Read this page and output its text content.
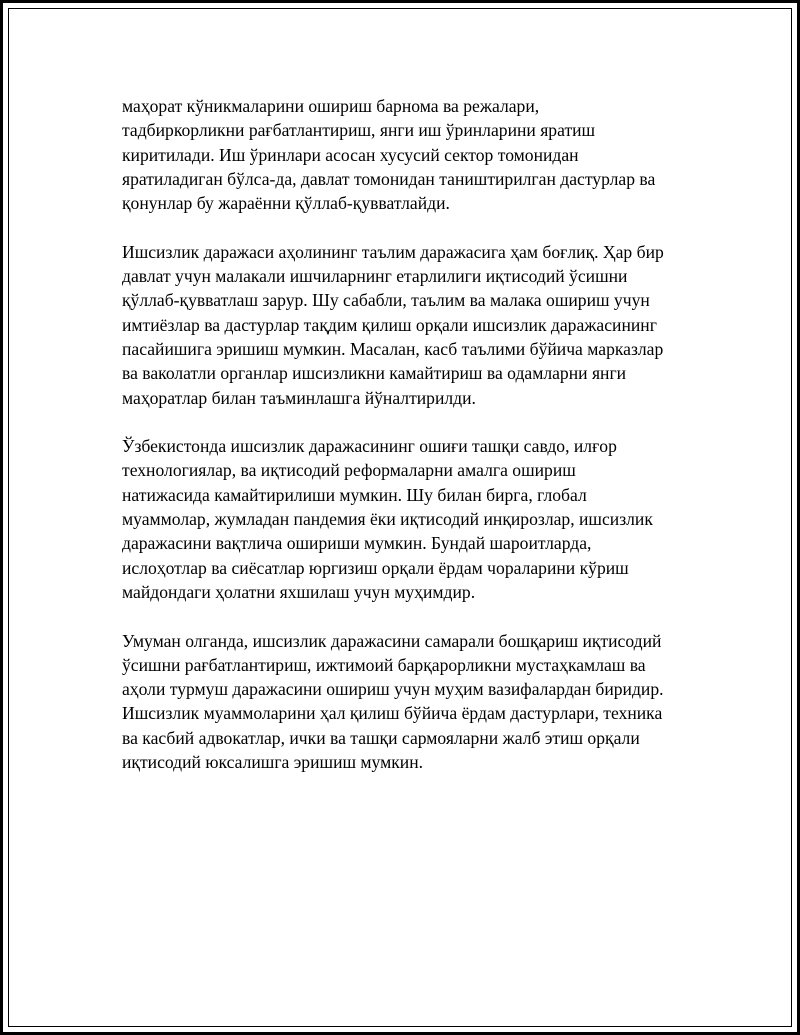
маҳорат кўникмаларини ошириш барнома ва режалари,
тадбиркорликни рағбатлантириш, янги иш ўринларини яратиш
киритилади. Иш ўринлари асосан хусусий сектор томонидан
яратиладиган бўлса-да, давлат томонидан таништирилган дастурлар ва
қонунлар бу жараённи қўллаб-қувватлайди.

Ишсизлик даражаси аҳолининг таълим даражасига ҳам боғлиқ. Ҳар бир
давлат учун малакали ишчиларнинг етарлилиги иқтисодий ўсишни
қўллаб-қувватлаш зарур. Шу сабабли, таълим ва малака ошириш учун
имтиёзлар ва дастурлар тақдим қилиш орқали ишсизлик даражасининг
пасайишига эришиш мумкин. Масалан, касб таълими бўйича марказлар
ва ваколатли органлар ишсизликни камайтириш ва одамларни янги
маҳоратлар билан таъминлашга йўналтирилди.

Ўзбекистонда ишсизлик даражасининг ошиғи ташқи савдо, илғор
технологиялар, ва иқтисодий реформаларни амалга ошириш
натижасида камайтирилиши мумкин. Шу билан бирга, глобал
муаммолар, жумладан пандемия ёки иқтисодий инқирозлар, ишсизлик
даражасини вақтлича ошириши мумкин. Бундай шароитларда,
ислоҳотлар ва сиёсатлар юргизиш орқали ёрдам чораларини кўриш
майдондаги ҳолатни яхшилаш учун муҳимдир.

Умуман олганда, ишсизлик даражасини самарали бошқариш иқтисодий
ўсишни рағбатлантириш, ижтимоий барқарорликни мустаҳкамлаш ва
аҳоли турмуш даражасини ошириш учун муҳим вазифалардан биридир.
Ишсизлик муаммоларини ҳал қилиш бўйича ёрдам дастурлари, техника
ва касбий адвокатлар, ички ва ташқи сармояларни жалб этиш орқали
иқтисодий юксалишга эришиш мумкин.
